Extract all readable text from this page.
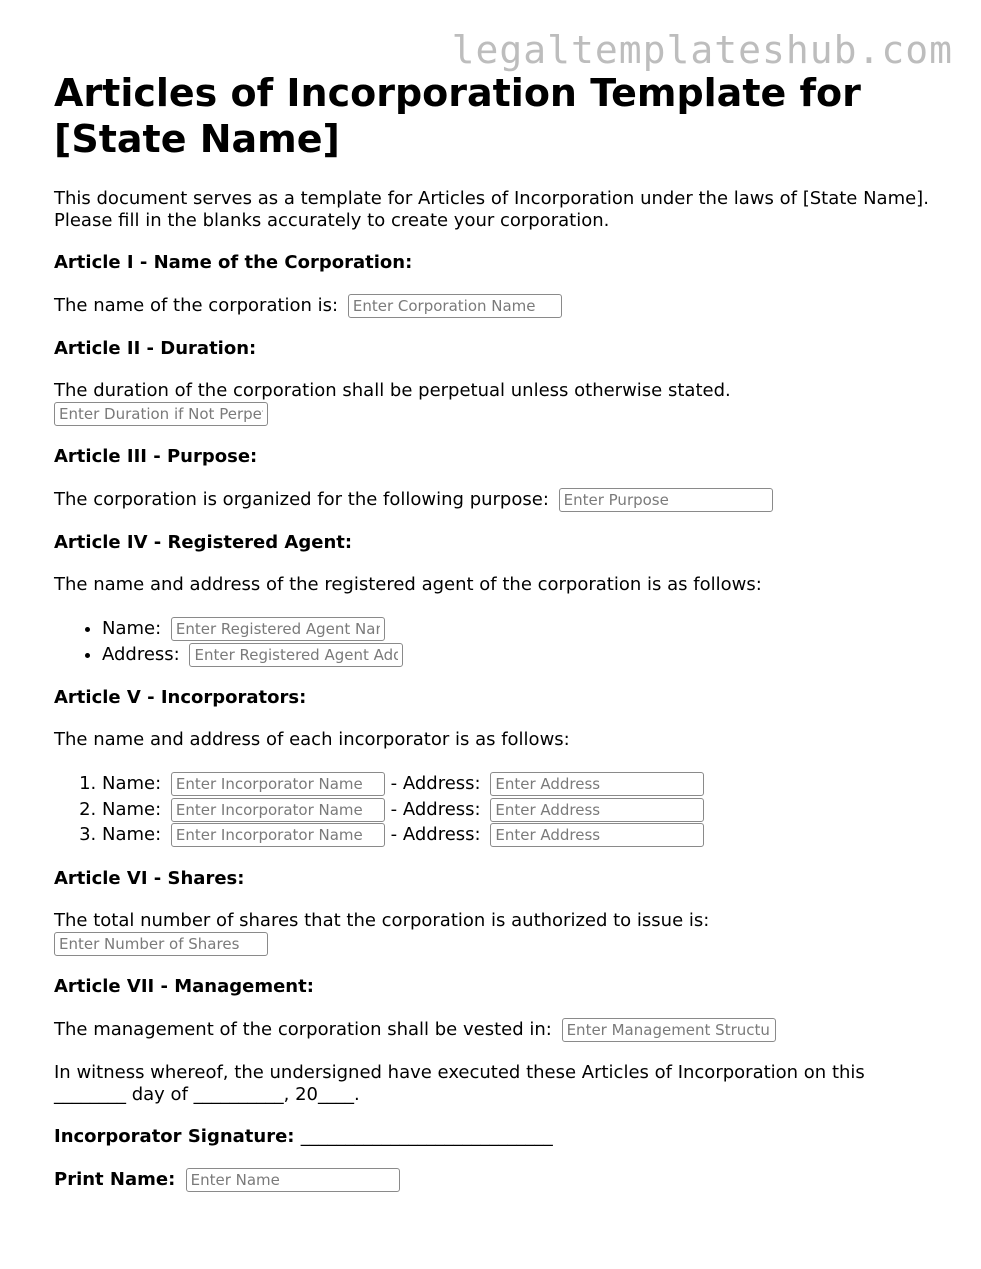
legaltemplateshub.com
Articles of Incorporation Template for [State Name]

This document serves as a template for Articles of Incorporation under the laws of [State Name]. Please fill in the blanks accurately to create your corporation.

Article I - Name of the Corporation:

The name of the corporation is: Enter Corporation Name

Article II - Duration:

The duration of the corporation shall be perpetual unless otherwise stated.
Enter Duration if Not Perpetual

Article III - Purpose:

The corporation is organized for the following purpose: Enter Purpose

Article IV - Registered Agent:

The name and address of the registered agent of the corporation is as follows:

• Name: Enter Registered Agent Name
• Address: Enter Registered Agent Address
Article V - Incorporators:

The name and address of each incorporator is as follows:

1. Name: Enter Incorporator Name	- Address: Enter Address
2. Name: Enter Incorporator Name	- Address: Enter Address
3. Name: Enter Incorporator Name	- Address: Enter Address
Article VI - Shares:

The total number of shares that the corporation is authorized to issue is:
Enter Number of Shares

Article VII - Management:

The management of the corporation shall be vested in: Enter Management Structure

In witness whereof, the undersigned have executed these Articles of Incorporation on this ________ day of __________, 20____.

Incorporator Signature: ____________________________
Print Name: Enter Name
